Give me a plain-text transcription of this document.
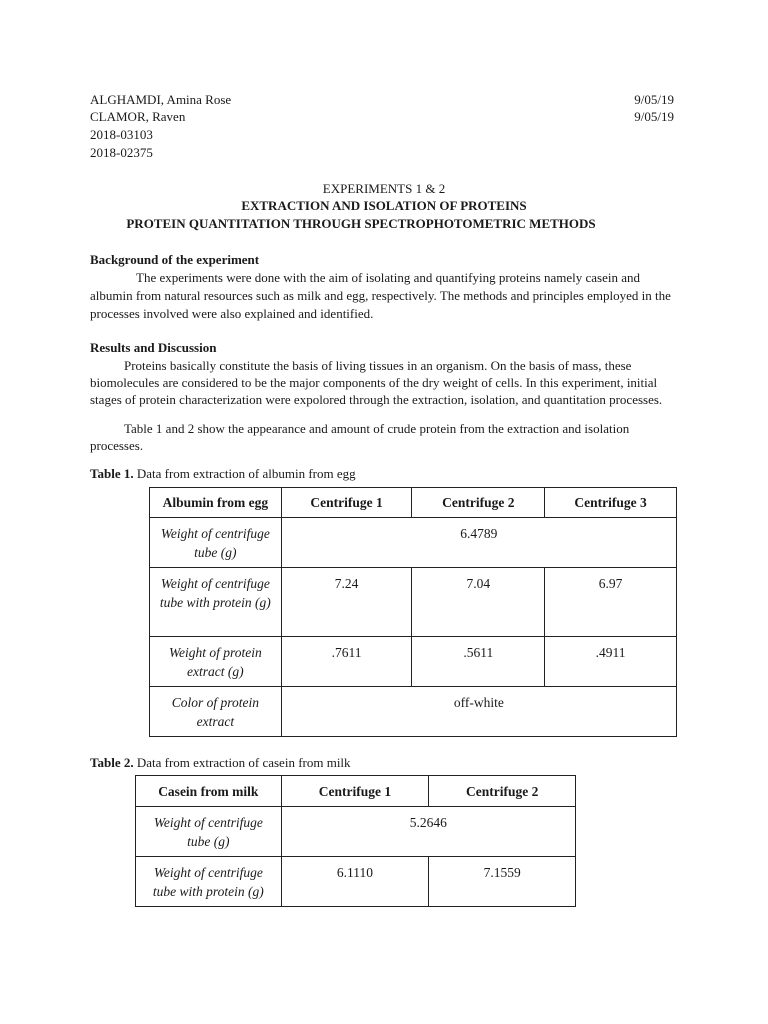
ALGHAMDI, Amina Rose
CLAMOR, Raven
2018-03103
2018-02375
9/05/19
9/05/19
EXPERIMENTS 1 & 2
EXTRACTION AND ISOLATION OF PROTEINS
PROTEIN QUANTITATION THROUGH SPECTROPHOTOMETRIC METHODS
Background of the experiment
The experiments were done with the aim of isolating and quantifying proteins namely casein and albumin from natural resources such as milk and egg, respectively. The methods and principles employed in the processes involved were also explained and identified.
Results and Discussion
Proteins basically constitute the basis of living tissues in an organism. On the basis of mass, these biomolecules are considered to be the major components of the dry weight of cells. In this experiment, initial stages of protein characterization were expolored through the extraction, isolation, and quantitation processes.
Table 1 and 2 show the appearance and amount of crude protein from the extraction and isolation processes.
Table 1. Data from extraction of albumin from egg
Albumin from egg	Centrifuge 1	Centrifuge 2	Centrifuge 3
Weight of centrifuge tube (g)	6.4789		
Weight of centrifuge tube with protein (g)	7.24	7.04	6.97
Weight of protein extract (g)	.7611	.5611	.4911
Color of protein extract	off-white		
Table 2. Data from extraction of casein from milk
Casein from milk	Centrifuge 1	Centrifuge 2
Weight of centrifuge tube (g)	5.2646	
Weight of centrifuge tube with protein (g)	6.1110	7.1559
